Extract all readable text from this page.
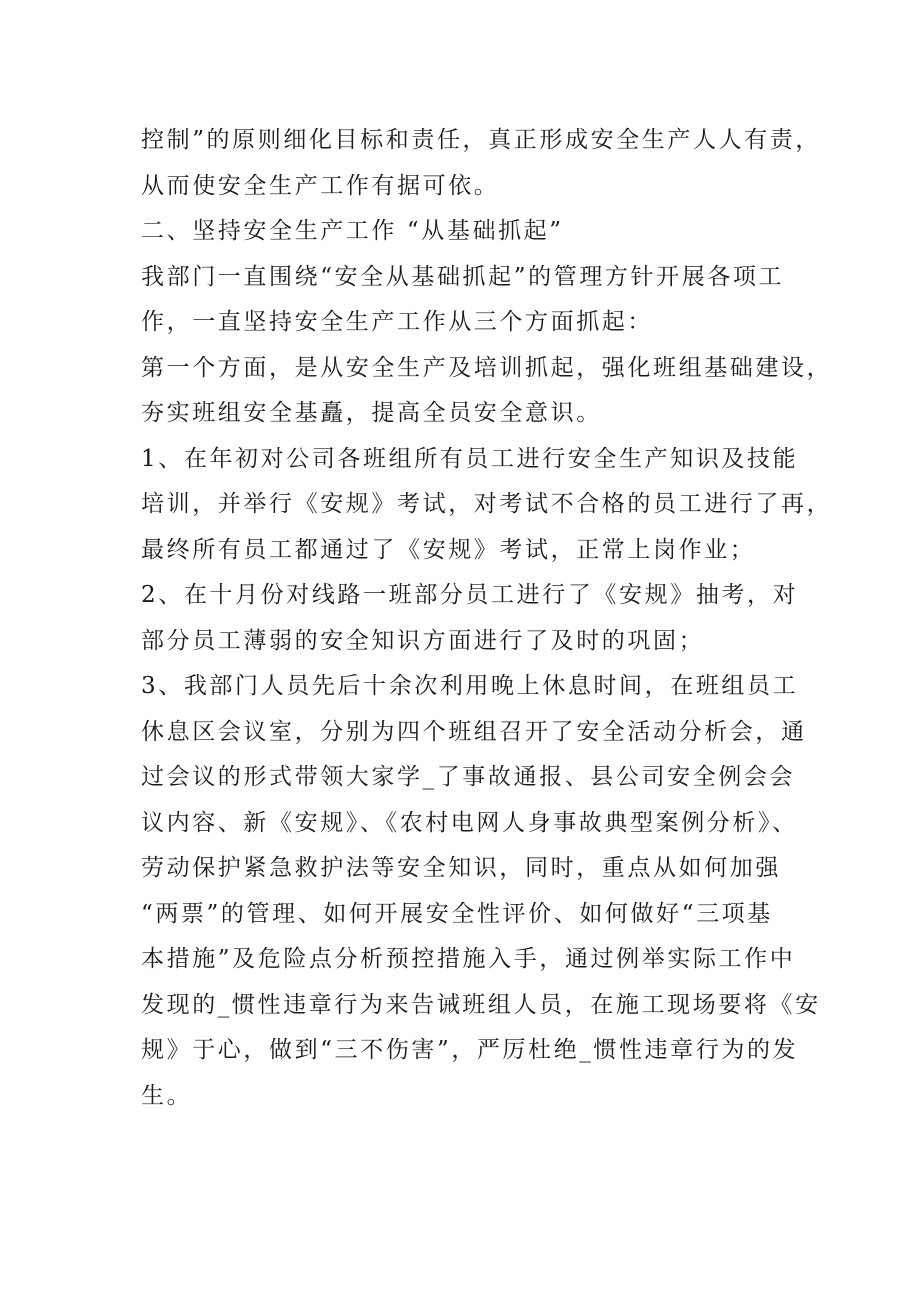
控制”的原则细化目标和责任，真正形成安全生产人人有责，
从而使安全生产工作有据可依。
二、坚持安全生产工作 “从基础抓起”
我部门一直围绕“安全从基础抓起”的管理方针开展各项工
作，一直坚持安全生产工作从三个方面抓起：
第一个方面，是从安全生产及培训抓起，强化班组基础建设，
夯实班组安全基矗，提高全员安全意识。
1、在年初对公司各班组所有员工进行安全生产知识及技能
培训，并举行《安规》考试，对考试不合格的员工进行了再，
最终所有员工都通过了《安规》考试，正常上岗作业；
2、在十月份对线路一班部分员工进行了《安规》抽考，对
部分员工薄弱的安全知识方面进行了及时的巩固；
3、我部门人员先后十余次利用晚上休息时间，在班组员工
休息区会议室，分别为四个班组召开了安全活动分析会，通
过会议的形式带领大家学_了事故通报、县公司安全例会会
议内容、新《安规》、《农村电网人身事故典型案例分析》、
劳动保护紧急救护法等安全知识，同时，重点从如何加强
“两票”的管理、如何开展安全性评价、如何做好“三项基
本措施”及危险点分析预控措施入手，通过例举实际工作中
发现的_惯性违章行为来告诫班组人员，在施工现场要将《安
规》于心，做到“三不伤害”，严厉杜绝_惯性违章行为的发
生。
